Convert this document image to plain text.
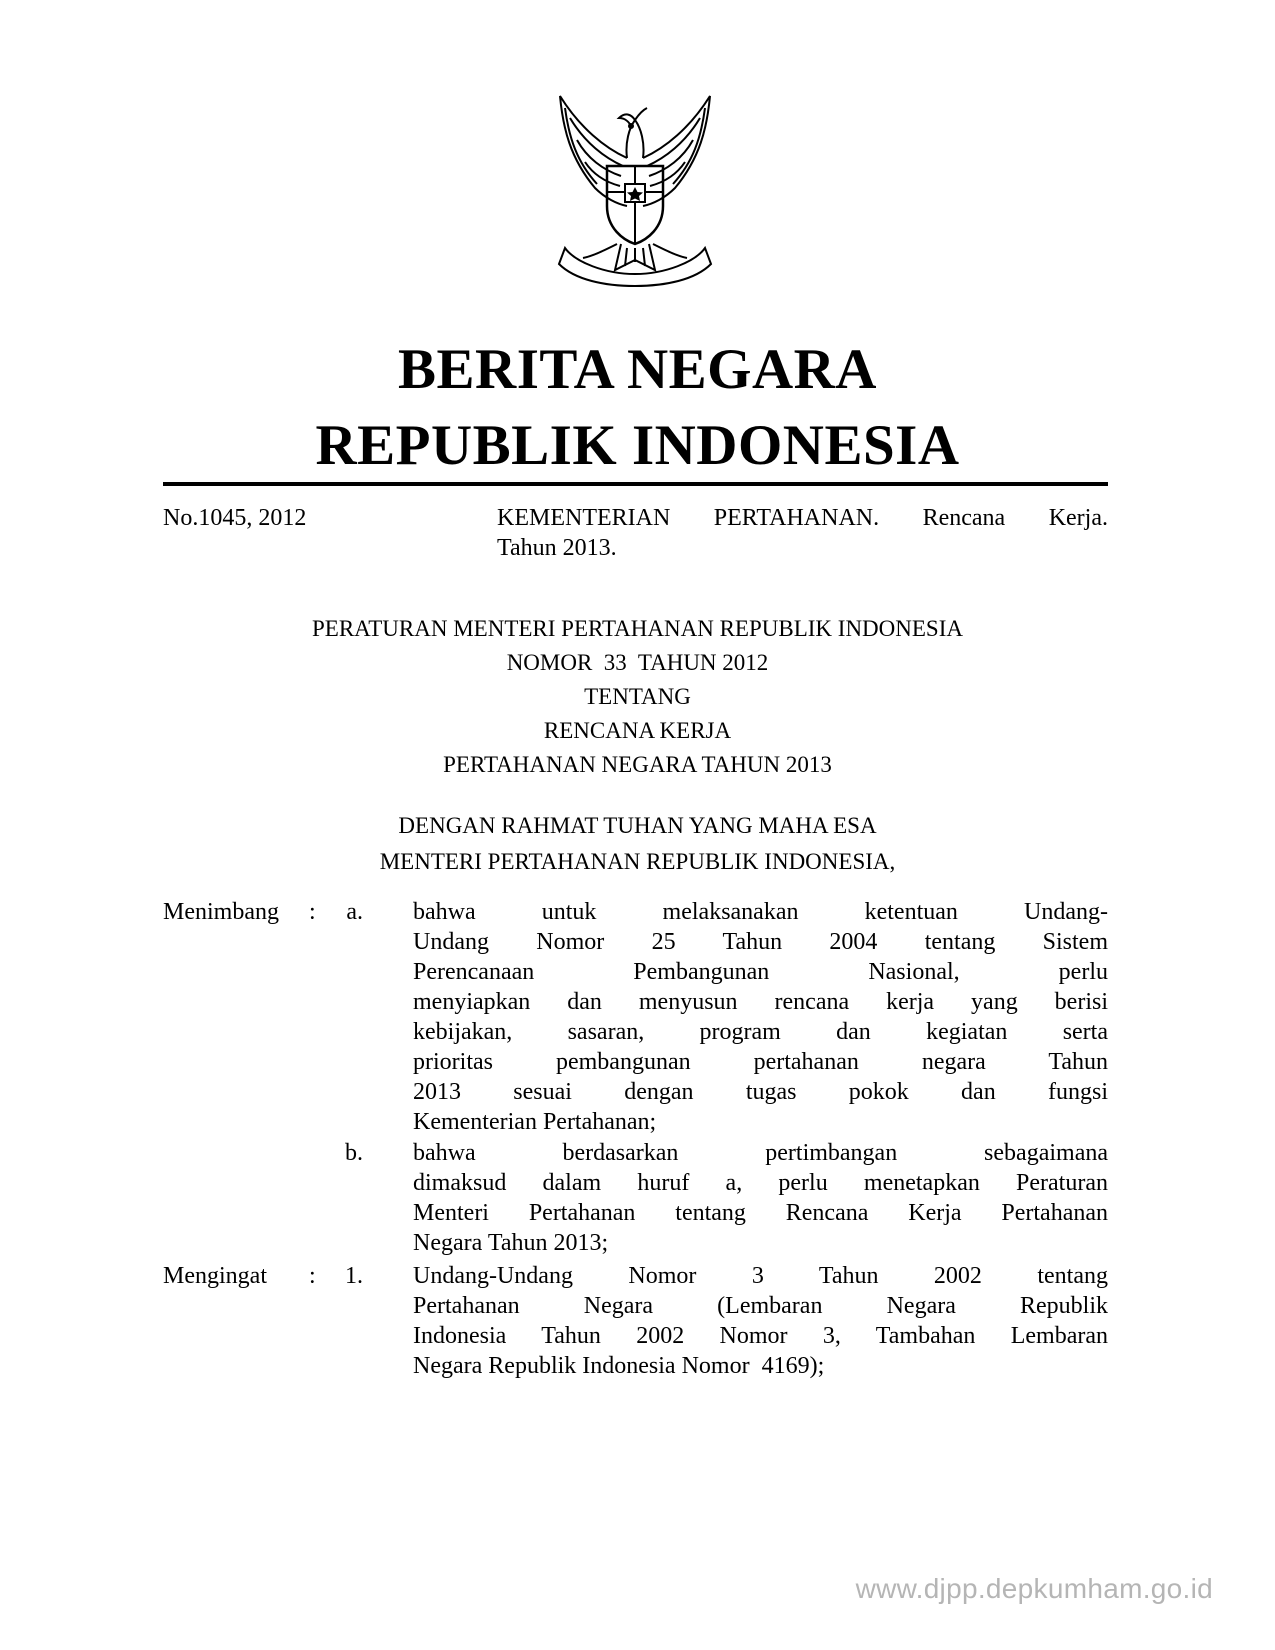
BERITA NEGARA
REPUBLIK INDONESIA
No.1045, 2012	KEMENTERIAN PERTAHANAN. Rencana Kerja.
Tahun 2013.
PERATURAN MENTERI PERTAHANAN REPUBLIK INDONESIA
NOMOR  33  TAHUN 2012
TENTANG
RENCANA KERJA
PERTAHANAN NEGARA TAHUN 2013
DENGAN RAHMAT TUHAN YANG MAHA ESA
MENTERI PERTAHANAN REPUBLIK INDONESIA,
Menimbang :	a. bahwa untuk melaksanakan ketentuan Undang-
Undang Nomor 25 Tahun 2004 tentang Sistem
Perencanaan Pembangunan Nasional, perlu
menyiapkan dan menyusun rencana kerja yang berisi
kebijakan, sasaran, program dan kegiatan serta
prioritas pembangunan pertahanan negara Tahun
2013 sesuai dengan tugas pokok dan fungsi
Kementerian Pertahanan;
b. bahwa berdasarkan pertimbangan sebagaimana
dimaksud dalam huruf a, perlu menetapkan Peraturan
Menteri Pertahanan tentang Rencana Kerja Pertahanan
Negara Tahun 2013;
Mengingat :	1. Undang-Undang Nomor 3 Tahun 2002 tentang
Pertahanan Negara (Lembaran Negara Republik
Indonesia Tahun 2002 Nomor 3, Tambahan Lembaran
Negara Republik Indonesia Nomor  4169);
www.djpp.depkumham.go.id
